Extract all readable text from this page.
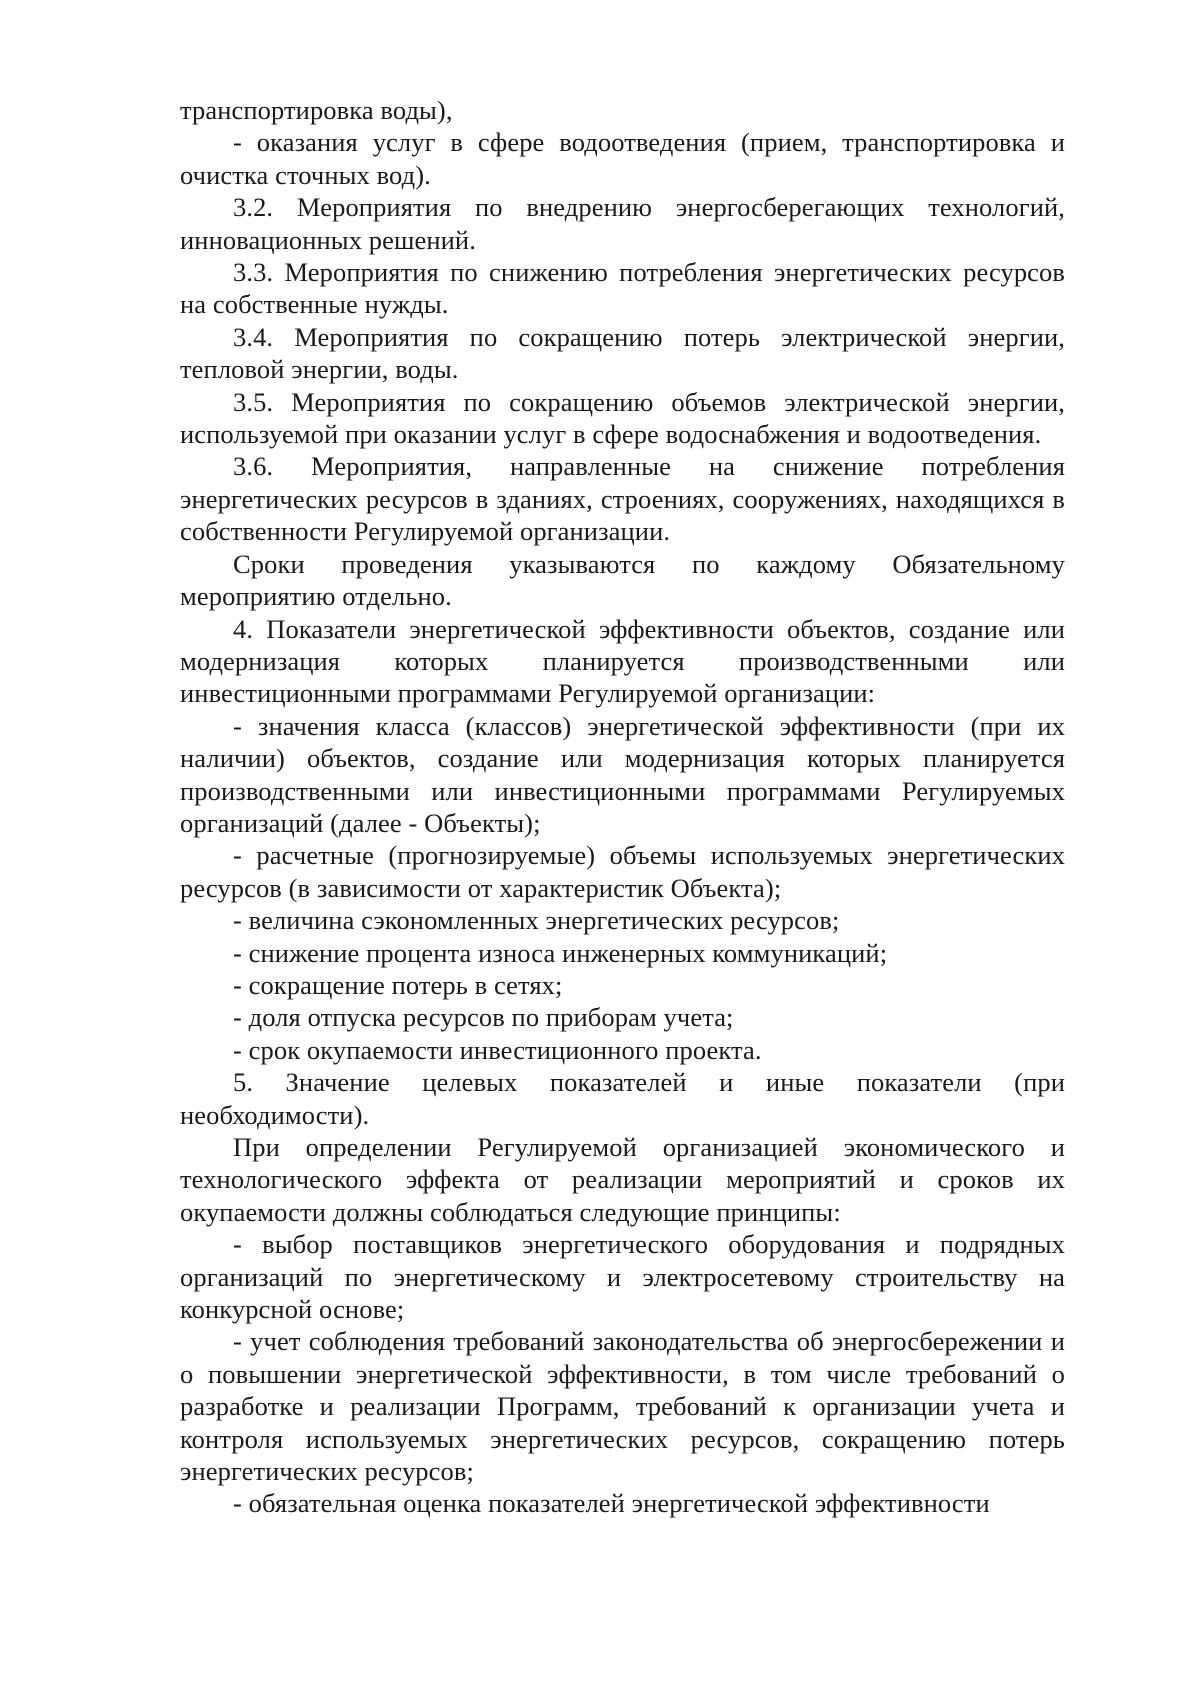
транспортировка воды),

- оказания услуг в сфере водоотведения (прием, транспортировка и очистка сточных вод).

3.2. Мероприятия по внедрению энергосберегающих технологий, инновационных решений.

3.3. Мероприятия по снижению потребления энергетических ресурсов на собственные нужды.

3.4. Мероприятия по сокращению потерь электрической энергии, тепловой энергии, воды.

3.5. Мероприятия по сокращению объемов электрической энергии, используемой при оказании услуг в сфере водоснабжения и водоотведения.

3.6. Мероприятия, направленные на снижение потребления энергетических ресурсов в зданиях, строениях, сооружениях, находящихся в собственности Регулируемой организации.

Сроки проведения указываются по каждому Обязательному мероприятию отдельно.

4. Показатели энергетической эффективности объектов, создание или модернизация которых планируется производственными или инвестиционными программами Регулируемой организации:

- значения класса (классов) энергетической эффективности (при их наличии) объектов, создание или модернизация которых планируется производственными или инвестиционными программами Регулируемых организаций (далее - Объекты);

- расчетные (прогнозируемые) объемы используемых энергетических ресурсов (в зависимости от характеристик Объекта);

- величина сэкономленных энергетических ресурсов;

- снижение процента износа инженерных коммуникаций;

- сокращение потерь в сетях;

- доля отпуска ресурсов по приборам учета;

- срок окупаемости инвестиционного проекта.

5. Значение целевых показателей и иные показатели (при необходимости).

При определении Регулируемой организацией экономического и технологического эффекта от реализации мероприятий и сроков их окупаемости должны соблюдаться следующие принципы:

- выбор поставщиков энергетического оборудования и подрядных организаций по энергетическому и электросетевому строительству на конкурсной основе;

- учет соблюдения требований законодательства об энергосбережении и о повышении энергетической эффективности, в том числе требований о разработке и реализации Программ, требований к организации учета и контроля используемых энергетических ресурсов, сокращению потерь энергетических ресурсов;

- обязательная оценка показателей энергетической эффективности
